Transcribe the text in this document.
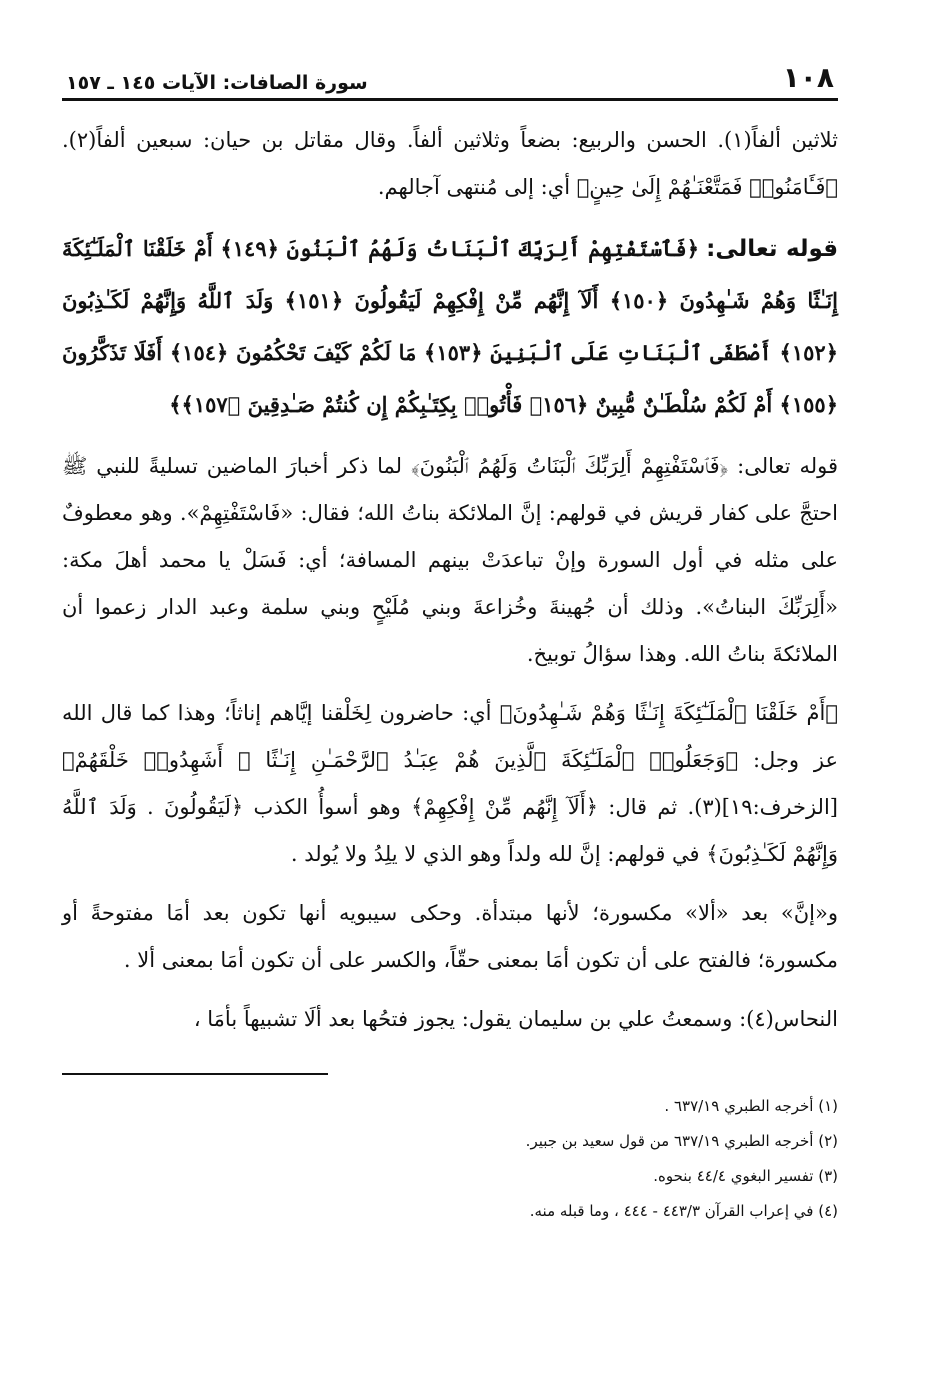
١٠٨
سورة الصافات: الآيات ١٤٥ ـ ١٥٧

ثلاثين ألفاً(١). الحسن والربيع: بضعاً وثلاثين ألفاً. وقال مقاتل بن حيان: سبعين ألفاً(٢). ﴿فَـَٔامَنُوا۟ فَمَتَّعْنَـٰهُمْ إِلَىٰ حِينٍ﴾ أي: إلى مُنتهى آجالهم.

قوله تعالى: ﴿فَٱسْتَفْتِهِمْ أَلِرَبِّكَ ٱلْبَنَاتُ وَلَهُمُ ٱلْبَنُونَ ﴿١٤٩﴾ أَمْ خَلَقْنَا ٱلْمَلَـٰٓئِكَةَ إِنَـٰثًا وَهُمْ شَـٰهِدُونَ ﴿١٥٠﴾ أَلَآ إِنَّهُم مِّنْ إِفْكِهِمْ لَيَقُولُونَ ﴿١٥١﴾ وَلَدَ ٱللَّهُ وَإِنَّهُمْ لَكَـٰذِبُونَ ﴿١٥٢﴾ أَصْطَفَى ٱلْبَنَاتِ عَلَى ٱلْبَنِينَ ﴿١٥٣﴾ مَا لَكُمْ كَيْفَ تَحْكُمُونَ ﴿١٥٤﴾ أَفَلَا تَذَكَّرُونَ ﴿١٥٥﴾ أَمْ لَكُمْ سُلْطَـٰنٌ مُّبِينٌ ﴿١٥٦﴾ فَأْتُوا۟ بِكِتَـٰبِكُمْ إِن كُنتُمْ صَـٰدِقِينَ ﴿١٥٧﴾﴾

قوله تعالى: ﴿فَٱسْتَفْتِهِمْ أَلِرَبِّكَ ٱلْبَنَاتُ وَلَهُمُ ٱلْبَنُونَ﴾ لما ذكر أخبارَ الماضين تسليةً للنبي ﷺ احتجَّ على كفار قريش في قولهم: إنَّ الملائكة بناتُ الله؛ فقال: «فَاسْتَفْتِهِمْ». وهو معطوفٌ على مثله في أول السورة وإنْ تباعدَتْ بينهم المسافة؛ أي: فَسَلْ يا محمد أهلَ مكة: «أَلِرَبِّكَ البناتُ». وذلك أن جُهينةَ وخُزاعةَ وبني مُلَيْحٍ وبني سلمة وعبد الدار زعموا أن الملائكةَ بناتُ الله. وهذا سؤالُ توبيخ.

﴿أَمْ خَلَقْنَا ٱلْمَلَـٰٓئِكَةَ إِنَـٰثًا وَهُمْ شَـٰهِدُونَ﴾ أي: حاضرون لِخَلْقنا إيَّاهم إناثاً؛ وهذا كما قال الله عز وجل: ﴿وَجَعَلُوا۟ ٱلْمَلَـٰٓئِكَةَ ٱلَّذِينَ هُمْ عِبَـٰدُ ٱلرَّحْمَـٰنِ إِنَـٰثًا ۚ أَشَهِدُوا۟ خَلْقَهُمْ﴾ [الزخرف:١٩](٣). ثم قال: ﴿أَلَآ إِنَّهُم مِّنْ إِفْكِهِمْ﴾ وهو أسوأُ الكذب ﴿لَيَقُولُونَ . وَلَدَ ٱللَّهُ وَإِنَّهُمْ لَكَـٰذِبُونَ﴾ في قولهم: إنَّ لله ولداً وهو الذي لا يلِدُ ولا يُولد .

و«إنَّ» بعد «ألا» مكسورة؛ لأنها مبتدأة. وحكى سيبويه أنها تكون بعد أمَا مفتوحةً أو مكسورة؛ فالفتح على أن تكون أمَا بمعنى حقّاً، والكسر على أن تكون أمَا بمعنى ألا .

النحاس(٤): وسمعتُ علي بن سليمان يقول: يجوز فتحُها بعد ألَا تشبيهاً بأمَا ،

(١) أخرجه الطبري ٦٣٧/١٩ .

(٢) أخرجه الطبري ٦٣٧/١٩ من قول سعيد بن جبير.

(٣) تفسير البغوي ٤٤/٤ بنحوه.

(٤) في إعراب القرآن ٤٤٣/٣ - ٤٤٤ ، وما قبله منه.
